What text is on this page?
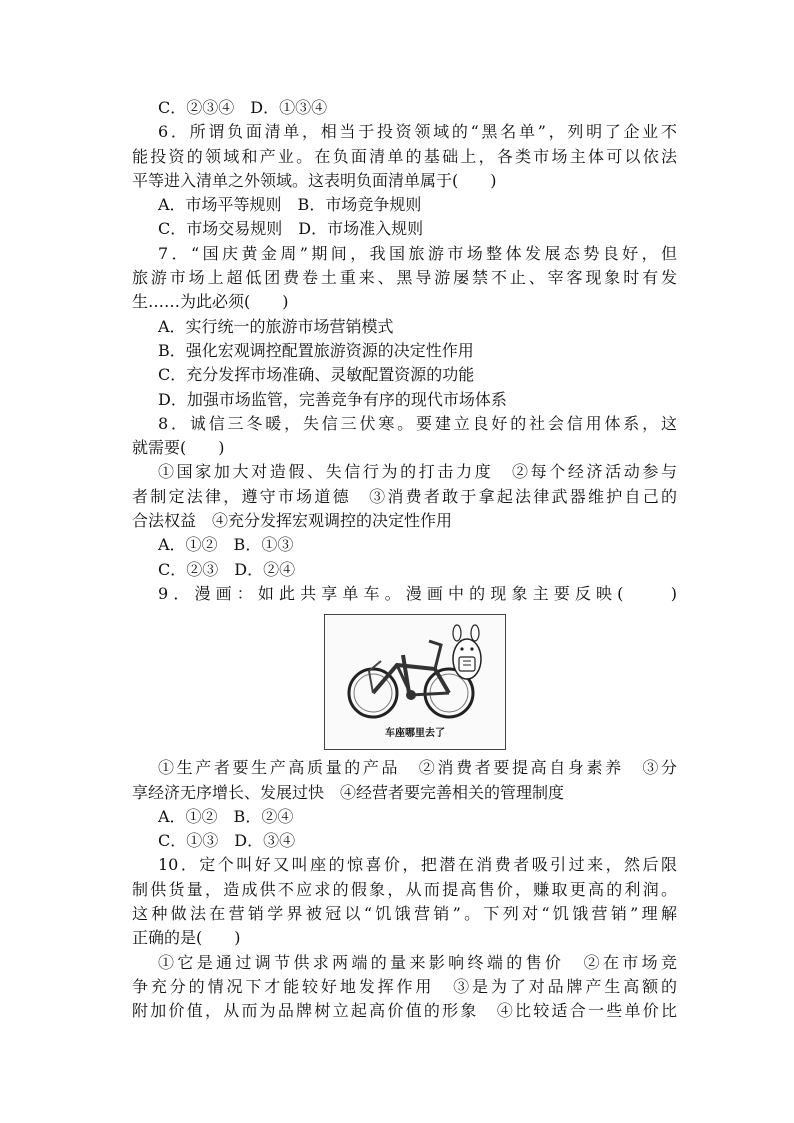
C．②③④　D．①③④
6．所谓负面清单，相当于投资领域的“黑名单”，列明了企业不
能投资的领域和产业。在负面清单的基础上，各类市场主体可以依法
平等进入清单之外领域。这表明负面清单属于(　　)
A．市场平等规则　B．市场竞争规则
C．市场交易规则　D．市场准入规则
7．“国庆黄金周”期间，我国旅游市场整体发展态势良好，但
旅游市场上超低团费卷土重来、黑导游屡禁不止、宰客现象时有发
生……为此必须(　　)
A．实行统一的旅游市场营销模式
B．强化宏观调控配置旅游资源的决定性作用
C．充分发挥市场准确、灵敏配置资源的功能
D．加强市场监管，完善竞争有序的现代市场体系
8．诚信三冬暖，失信三伏寒。要建立良好的社会信用体系，这
就需要(　　)
①国家加大对造假、失信行为的打击力度　②每个经济活动参与
者制定法律，遵守市场道德　③消费者敢于拿起法律武器维护自己的
合法权益　④充分发挥宏观调控的决定性作用
A．①②　B．①③
C．②③　D．②④
9．漫画：如此共享单车。漫画中的现象主要反映(　　)
车座哪里去了
①生产者要生产高质量的产品　②消费者要提高自身素养　③分
享经济无序增长、发展过快　④经营者要完善相关的管理制度
A．①②　B．②④
C．①③　D．③④
10．定个叫好又叫座的惊喜价，把潜在消费者吸引过来，然后限
制供货量，造成供不应求的假象，从而提高售价，赚取更高的利润。
这种做法在营销学界被冠以“饥饿营销”。下列对“饥饿营销”理解
正确的是(　　)
①它是通过调节供求两端的量来影响终端的售价　②在市场竞
争充分的情况下才能较好地发挥作用　③是为了对品牌产生高额的
附加价值，从而为品牌树立起高价值的形象　④比较适合一些单价比
